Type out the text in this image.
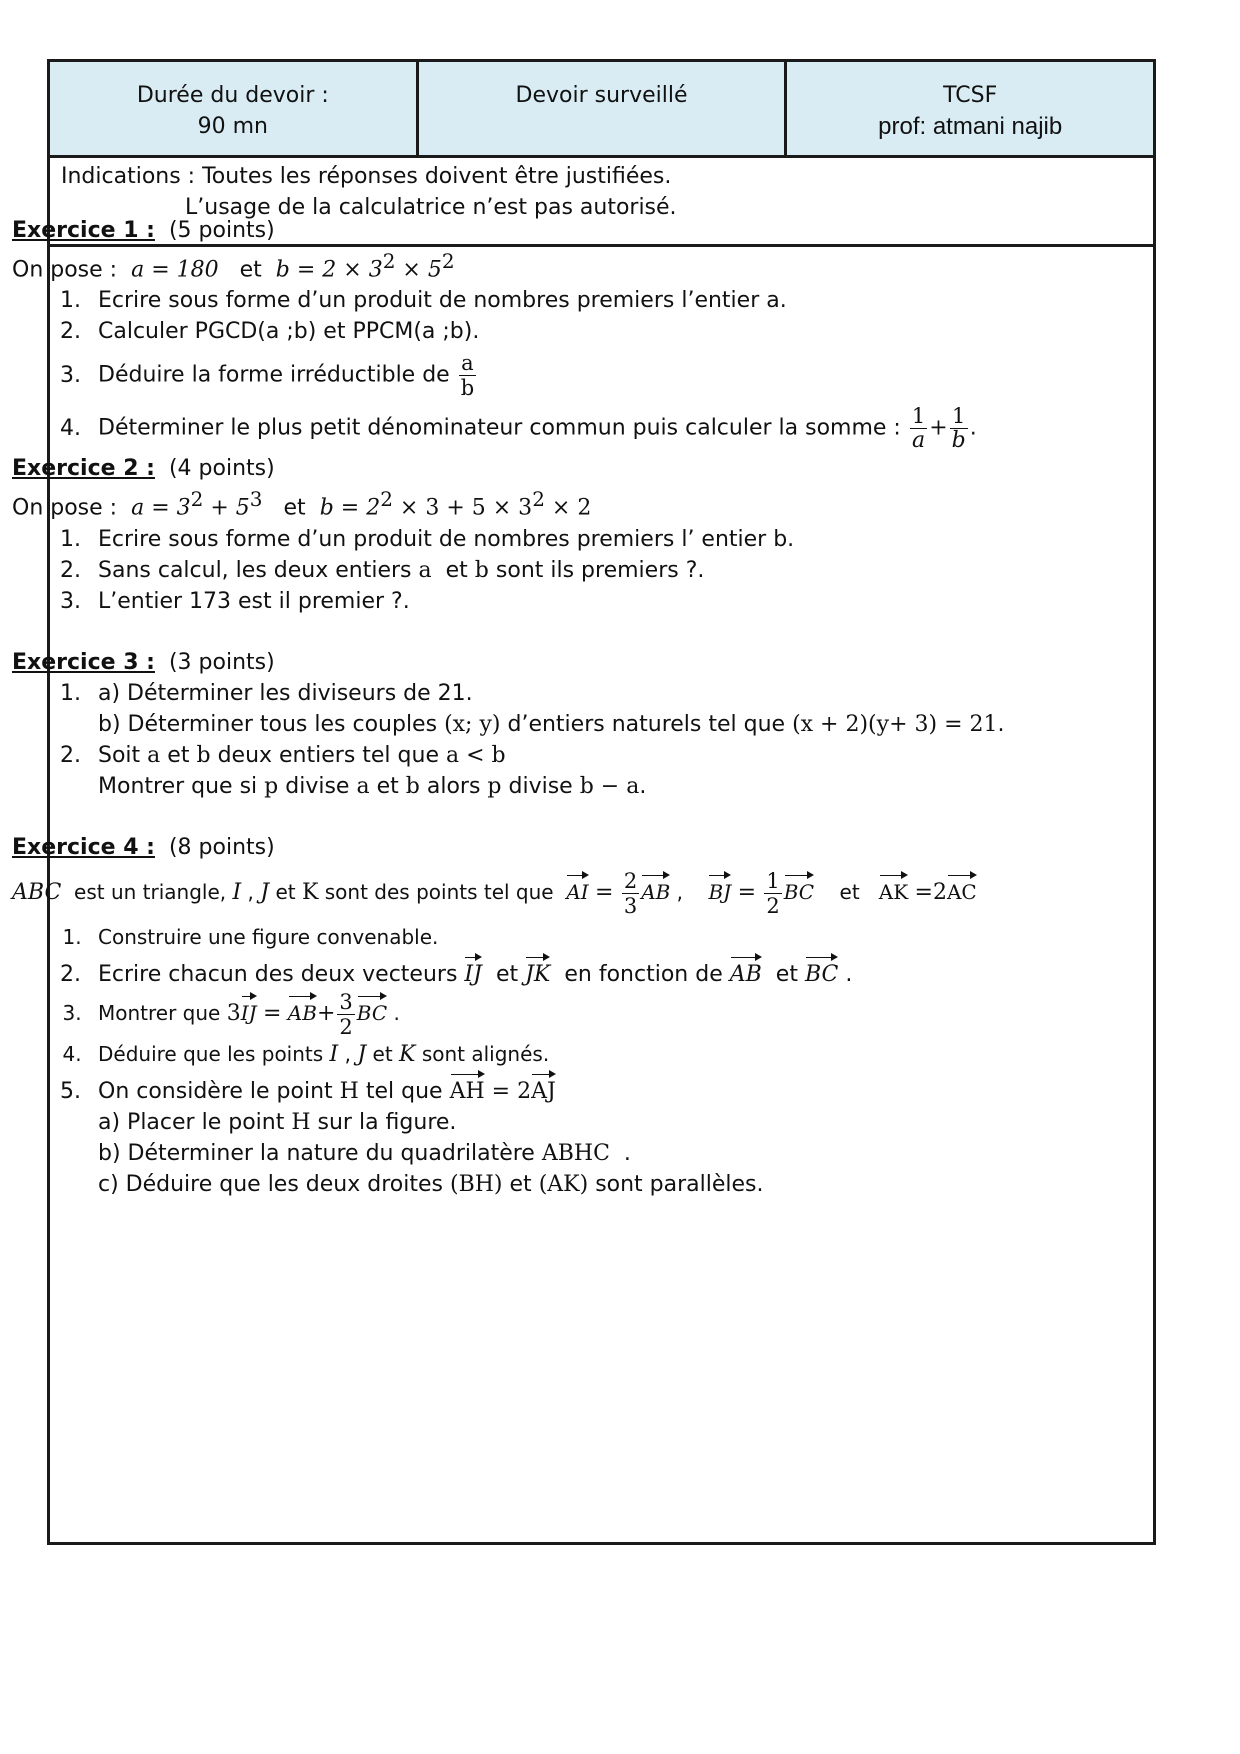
Durée du devoir :
90 mn
Devoir surveillé	TCSF
prof: atmani najib
Indications : Toutes les réponses doivent être justifiées.
L’usage de la calculatrice n’est pas autorisé.
Exercice 1 : (5 points)
On pose : a = 180 et $b = 2 \times 3^2 \times 5^2$
1. Ecrire sous forme d’un produit de nombres premiers l’entier a.
2. Calculer PGCD(a ;b) et PPCM(a ;b).
3. Déduire la forme irréductible de $\frac{a}{b}$
4. Déterminer le plus petit dénominateur commun puis calculer la somme : $\frac{1}{a} + \frac{1}{b}$ .
Exercice 2 : (4 points)
On pose : $a = 3^2 + 5^3$ et $b = 2^2 \times 3 + 5 \times 3^2 \times 2$
1. Ecrire sous forme d’un produit de nombres premiers l’ entier b.
2. Sans calcul, les deux entiers a et b sont ils premiers ?.
3. L’entier 173 est il premier ?.
Exercice 3 : (3 points)
1. a) Déterminer les diviseurs de 21.
b) Déterminer tous les couples (x; y) d’entiers naturels tel que (x + 2)(y+ 3) = 21.
2. Soit a et b deux entiers tel que a < b
Montrer que si p divise a et b alors p divise b − a.
Exercice 4 : (8 points)
ABC est un triangle, I , J et K sont des points tel que AI = $\frac{2}{3}$ AB ,    BJ = $\frac{1}{2}$ BC et AK =2AC
1. Construire une figure convenable.
2. Ecrire chacun des deux vecteurs IJ et JK en fonction de AB et BC .
3. Montrer que $3IJ = AB+ \frac{3}{2}$ BC .
4. Déduire que les points I , J et K sont alignés.
5. On considère le point H tel que AH = 2AJ
a) Placer le point H sur la figure.
b) Déterminer la nature du quadrilatère ABHC  .
c) Déduire que les deux droites (BH) et (AK) sont parallèles.
